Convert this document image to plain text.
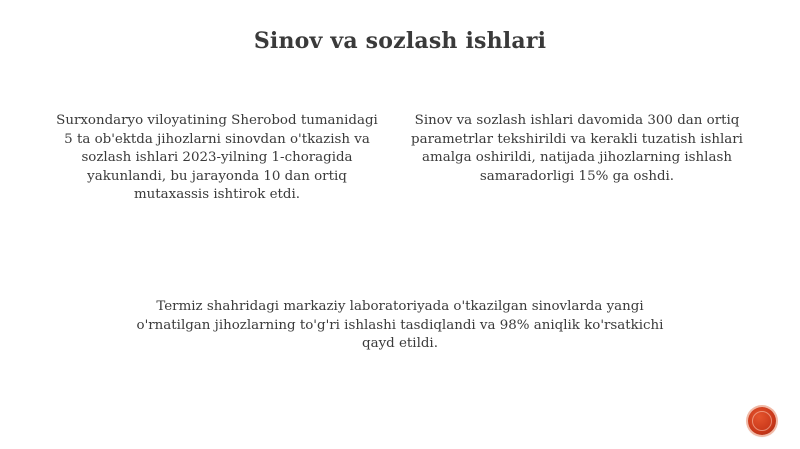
Sinov va sozlash ishlari
Surxondaryo viloyatining Sherobod tumanidagi 5 ta ob'ektda jihozlarni sinovdan o'tkazish va sozlash ishlari 2023-yilning 1-choragida yakunlandi, bu jarayonda 10 dan ortiq mutaxassis ishtirok etdi.
Sinov va sozlash ishlari davomida 300 dan ortiq parametrlar tekshirildi va kerakli tuzatish ishlari amalga oshirildi, natijada jihozlarning ishlash samaradorligi 15% ga oshdi.
Termiz shahridagi markaziy laboratoriyada o'tkazilgan sinovlarda yangi o'rnatilgan jihozlarning to'g'ri ishlashi tasdiqlandi va 98% aniqlik ko'rsatkichi qayd etildi.
